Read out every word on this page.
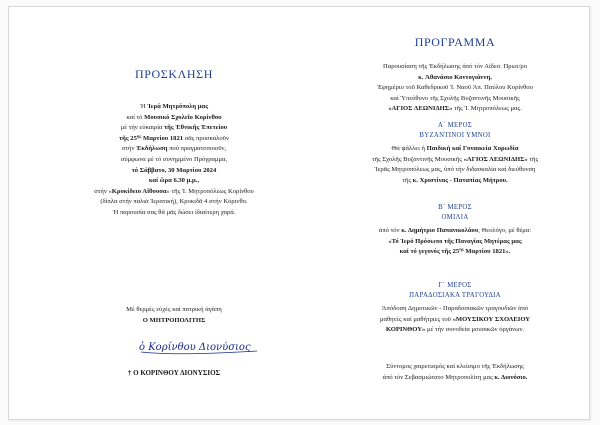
ΠΡΟΣΚΛΗΣΗ
Ἡ Ἱερά Μητρόπολη μας
καί τό Μουσικό Σχολεῖο Κορίνθου
μέ τήν εὐκαιρία τῆς Ἐθνικῆς Ἐπετείου
τῆς $25^{\eta\varsigma}$ Μαρτίου 1821 σᾶς προσκαλοῦν
στήν Ἐκδήλωση πού πραγματοποιοῦν,
σύμφωνα μέ τό συνημμένο Πρόγραμμα,
τό Σάββατο, 30 Μαρτίου 2024
καί ὥρα 6.30 μ.μ.,
στήν «Κροκίδειο Αἴθουσα» τῆς Ἱ. Μητροπόλεως Κορίνθου
(δίπλα στήν παλιά Ἱερατική), Κροκιδᾶ 4 στήν Κόρινθο.
Ἡ παρουσία σας θά μᾶς δώσει ἰδιαίτερη χαρά.
Μέ θερμές εὐχές καί πατρική ἀγάπη
Ο ΜΗΤΡΟΠΟΛΙΤΗΣ
ὁ Κορίνθου Διονύσιος
† Ο ΚΟΡΙΝΘΟΥ ΔΙΟΝΥΣΙΟΣ
ΠΡΟΓΡΑΜΜΑ
Παρουσίαση τῆς Ἐκδήλωσης ἀπό τόν Αἰδεσ. Πρωτ/ρο
κ. Ἀθανάσιο Κοντογιάννη,
Ἐφημέριο τοῦ Καθεδρικοῦ Ἱ. Ναοῦ Ἀπ. Παύλου Κορίνθου
καί Ὑπεύθυνο τῆς Σχολῆς Βυζαντινῆς Μουσικῆς
«ΑΓΙΟΣ ΛΕΩΝΙΔΗΣ» τῆς Ἱ. Μητροπόλεως μας.
Α΄ ΜΕΡΟΣ
ΒΥΖΑΝΤΙΝΟΙ ΥΜΝΟΙ
Θά ψάλλει ἡ Παιδική καί Γυναικεία Χορωδία
τῆς Σχολῆς Βυζαντινῆς Μουσικῆς «ΑΓΙΟΣ ΛΕΩΝΙΔΗΣ» τῆς
Ἱερᾶς Μητροπόλεως μας, ὑπό τήν διδασκαλία καί διεύθυνση
τῆς κ. Χριστίνας - Παταπίας Μήτρου.
Β΄ ΜΕΡΟΣ
ΟΜΙΛΙΑ
ἀπό τόν κ. Δημήτριο Παπανικολάου, Θεολόγο, μέ θέμα:
«Τό Ἱερό Πρόσωπο τῆς Παναγίας Μητέρας μας
καί τό γεγονός τῆς $25^{\eta\varsigma}$ Μαρτίου 1821».
Γ΄ ΜΕΡΟΣ
ΠΑΡΑΔΟΣΙΑΚΑ ΤΡΑΓΟΥΔΙΑ
Ἀπόδοση Δημοτικῶν - Παραδοσιακῶν τραγουδιῶν ἀπό
μαθητές καί μαθήτριες τοῦ «ΜΟΥΣΙΚΟΥ ΣΧΟΛΕΙΟΥ
ΚΟΡΙΝΘΟΥ» μέ τήν συνοδεία μουσικῶν ὀργάνων.
Σύντομος χαιρετισμός καί κλείσιμο τῆς Ἐκδήλωσης
ἀπό τόν Σεβασμιώτατο Μητροπολίτη μας κ. Διονύσιο.
